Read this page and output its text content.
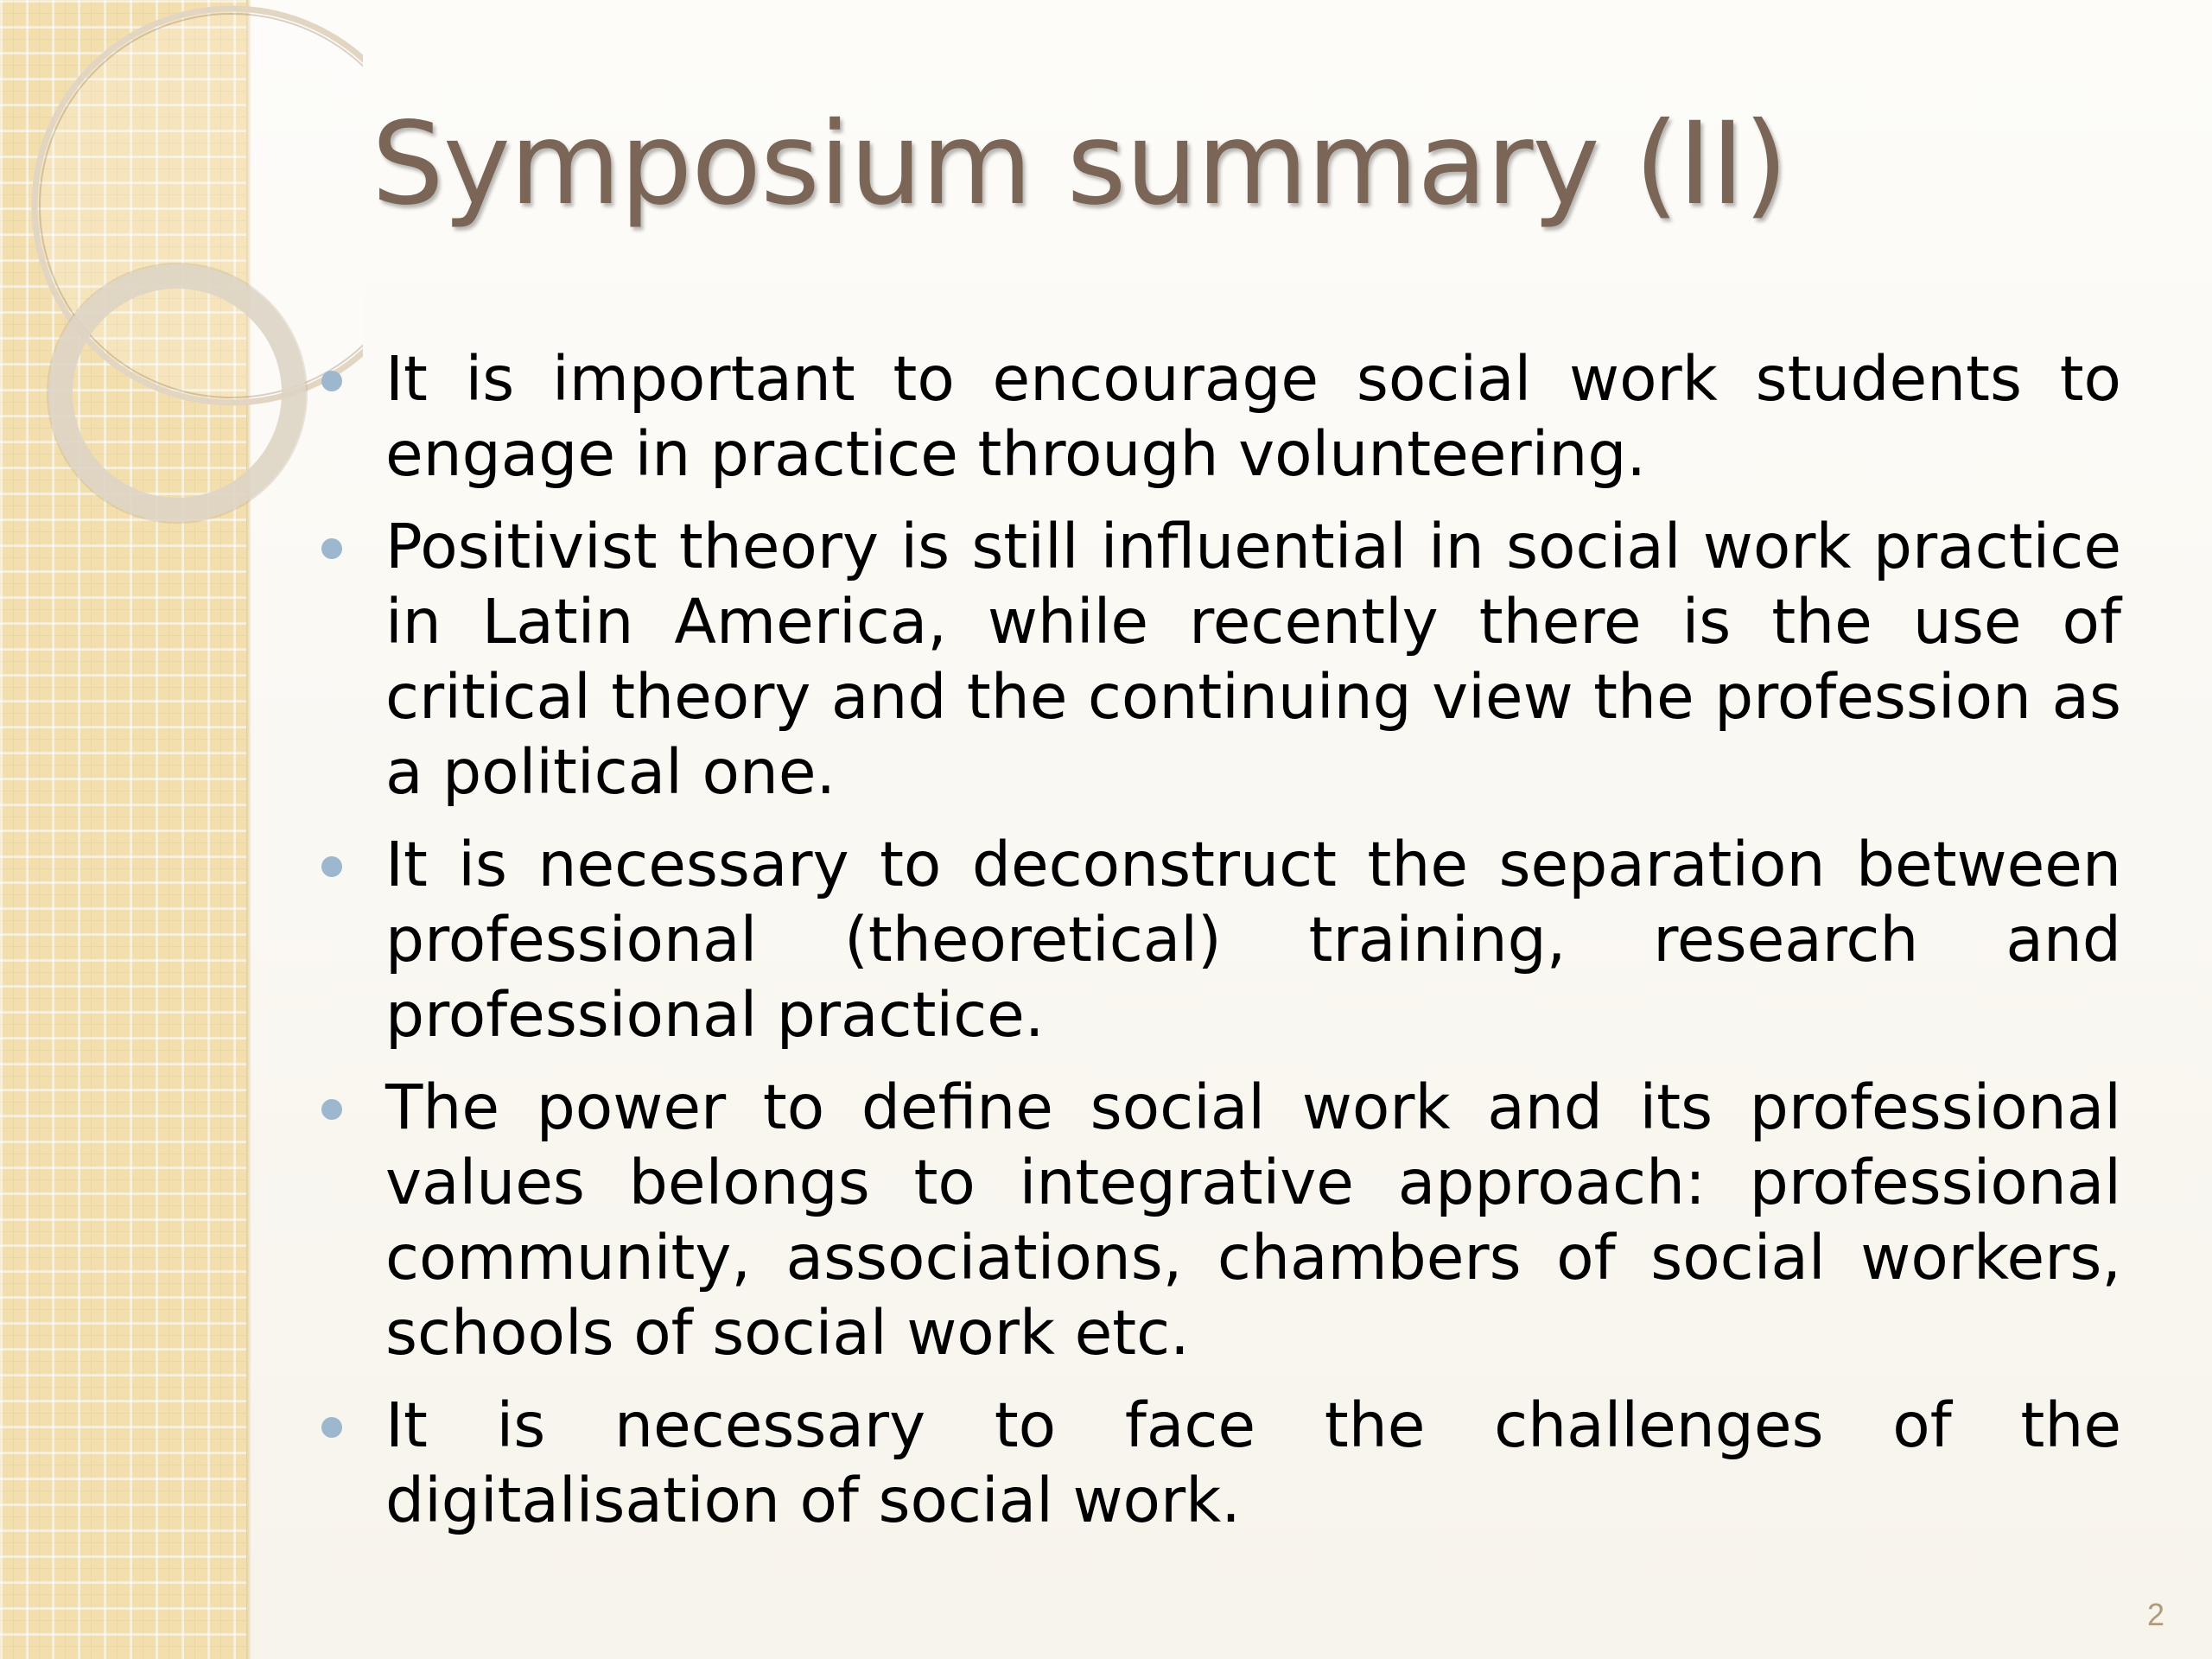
Symposium summary (II)
It is important to encourage social work students to engage in practice through volunteering.
Positivist theory is still influential in social work practice in Latin America, while recently there is the use of critical theory and the continuing view the profession as a political one.
It is necessary to deconstruct the separation between professional (theoretical) training, research and professional practice.
The power to define social work and its professional values belongs to integrative approach: professional community, associations, chambers of social workers, schools of social work etc.
It is necessary to face the challenges of the digitalisation of social work.
2
